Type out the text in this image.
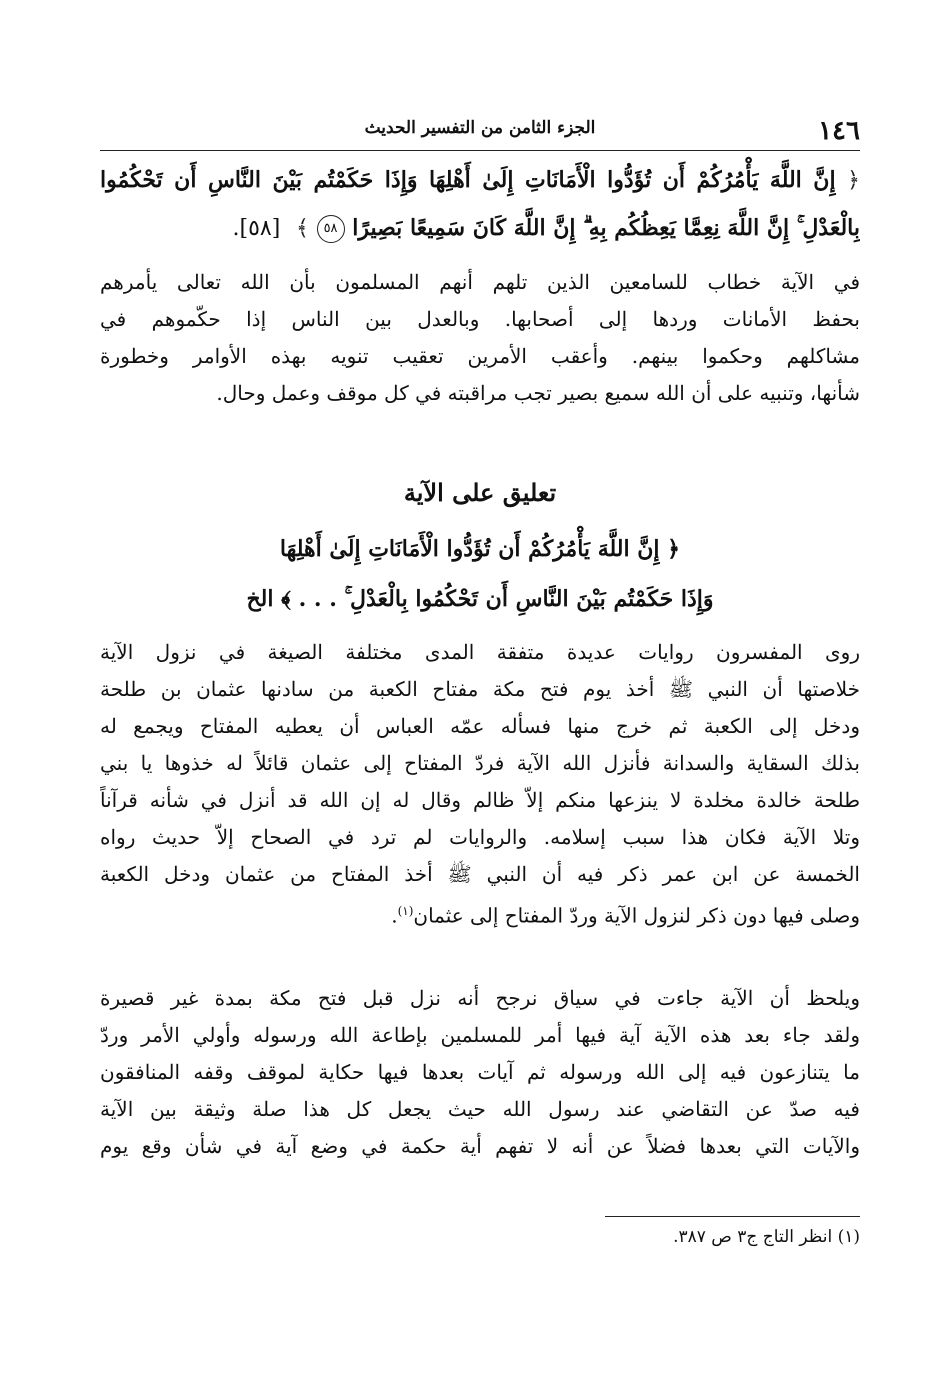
١٤٦
الجزء الثامن من التفسير الحديث
﴿ إِنَّ اللَّهَ يَأْمُرُكُمْ أَن تُؤَدُّوا الْأَمَانَاتِ إِلَىٰ أَهْلِهَا وَإِذَا حَكَمْتُم بَيْنَ النَّاسِ أَن تَحْكُمُوا
بِالْعَدْلِ ۚ إِنَّ اللَّهَ نِعِمَّا يَعِظُكُم بِهِ ۗ إِنَّ اللَّهَ كَانَ سَمِيعًا بَصِيرًا ٥٨ ﴾ [٥٨].
في الآية خطاب للسامعين الذين تلهم أنهم المسلمون بأن الله تعالى يأمرهم
بحفظ الأمانات وردها إلى أصحابها. وبالعدل بين الناس إذا حكّموهم في
مشاكلهم وحكموا بينهم. وأعقب الأمرين تعقيب تنويه بهذه الأوامر وخطورة
شأنها، وتنبيه على أن الله سميع بصير تجب مراقبته في كل موقف وعمل وحال.
تعليق على الآية
﴿ إِنَّ اللَّهَ يَأْمُرُكُمْ أَن تُؤَدُّوا الْأَمَانَاتِ إِلَىٰ أَهْلِهَا
وَإِذَا حَكَمْتُم بَيْنَ النَّاسِ أَن تَحْكُمُوا بِالْعَدْلِ ۚ . . . ﴾ الخ
روى المفسرون روايات عديدة متفقة المدى مختلفة الصيغة في نزول الآية
خلاصتها أن النبي ﷺ أخذ يوم فتح مكة مفتاح الكعبة من سادنها عثمان بن طلحة
ودخل إلى الكعبة ثم خرج منها فسأله عمّه العباس أن يعطيه المفتاح ويجمع له
بذلك السقاية والسدانة فأنزل الله الآية فردّ المفتاح إلى عثمان قائلاً له خذوها يا بني
طلحة خالدة مخلدة لا ينزعها منكم إلاّ ظالم وقال له إن الله قد أنزل في شأنه قرآناً
وتلا الآية فكان هذا سبب إسلامه. والروايات لم ترد في الصحاح إلاّ حديث رواه
الخمسة عن ابن عمر ذكر فيه أن النبي ﷺ أخذ المفتاح من عثمان ودخل الكعبة
وصلى فيها دون ذكر لنزول الآية وردّ المفتاح إلى عثمان$^{(١)}$.
ويلحظ أن الآية جاءت في سياق نرجح أنه نزل قبل فتح مكة بمدة غير قصيرة
ولقد جاء بعد هذه الآية آية فيها أمر للمسلمين بإطاعة الله ورسوله وأولي الأمر وردّ
ما يتنازعون فيه إلى الله ورسوله ثم آيات بعدها فيها حكاية لموقف وقفه المنافقون
فيه صدّ عن التقاضي عند رسول الله حيث يجعل كل هذا صلة وثيقة بين الآية
والآيات التي بعدها فضلاً عن أنه لا تفهم أية حكمة في وضع آية في شأن وقع يوم
(١) انظر التاج ج٣ ص ٣٨٧.
